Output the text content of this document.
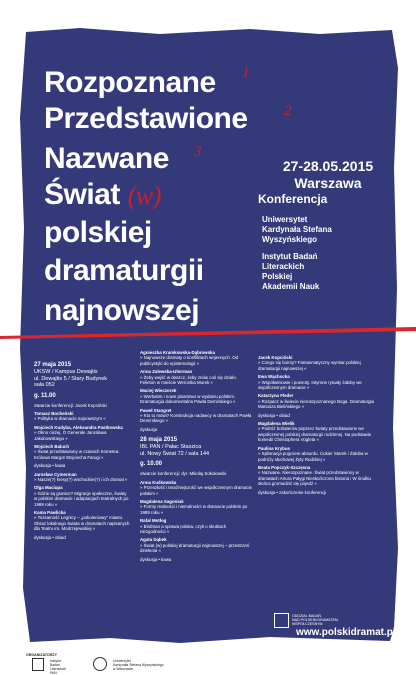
Rozpoznane 1
Przedstawione 2
Nazwane 3
Świat (w)
polskiej
dramaturgii
najnowszej
27-28.05.2015
Warszawa
Konferencja
Uniwersytet
Kardynała Stefana
Wyszyńskiego
Instytut Badań
Literackich
Polskiej
Akademii Nauk
27 maja 2015
UKSW / Kampus Dewajtis
ul. Dewajtis 5 / Stary Budynek
sala 052
g. 11.00
otwarcie konferencji: Jacek Kopciński
Tomasz Bocheński
» Polityka w dramacie najnowszym «
Wojciech Kudyba, Aleksandra Pastkowska
» Okno ciszej. O Generale Jarosława Jakubowskiego «
Wojciech Baluch
» Świat przedstawiony w czasach Kometea. Królowa Margot Wojciecha Farugi «
dyskusja • kawa
Jarosław Cymerman
» Nasze(?) kresy(?) wschodnie(?) i ich dramat «
Olga Maciupa
» Gdzie są granice? Migracje społeczne, światy w polskim dramacie i adaptacjach teatralnych po 1989 roku «
Kama Pawlicka
» Tożsamość Legnicy – „pokoleniowy” miasto. Obraz lokalnego świata w dramatach napisanych dla Teatru im. Modrzejewskiej «
dyskusja • obiad
Agnieszka Kramkowska-Dąbrowska
» Najnowsze dramaty o konfliktach wojennych. Od publicystyki do epistemologii «
Anna Zalewska-Uherman
» Żeby wejść w deszcz, żeby znów coś się działo. Felieton w mieście Weronika Murek «
Maciej Wieczorek
» Werbatim i nowe pisarstwo w wydaniu polskim. Dramaturgia dokumentalna Pawła Demirskiego «
Paweł Stangret
» Kto tu mówi? Konstrukcja nadawcy w dramatach Pawła Demirskiego «
dyskusja
28 maja 2015
IBL PAN / Pałac Staszica
ul. Nowy Świat 72 / sala 144
g. 10.00
otwarcie konferencji: dyr. Mikołaj Sokołowski
Anna Kuśkowska
» Przeszłość i teraźniejszość we współczesnym dramacie polskim «
Magdalena Sagoniuk
» Formy realności i niemalności w dramacie polskim po 1989 roku «
Rafał Motłog
» Birdman a sprawa polska, czyli o skutkach niezgodności «
Agata Dąbek
» Świat (w) polskiej dramaturgii najnowszej – przestrzeń dzielenia «
dyskusja • kawa
Jacek Kopciński
» Czego się boimy? Fantasmatyczny wymiar polskiej dramaturgii najnowszej «
Ewa Wąchocka
» Współwiniowie i powroty. Intymne rytuały żałoby we współczesnym dramacie «
Katarzyna Fleder
» Rozpacz w świecie nieroszpoznanego Boga. Dramaturgia Mariusza Bielińskiego «
dyskusja • obiad
Magdalena Wielik
» Podróż bohaterów poprzez światy przedstawione we współczesnej polskiej dramaturgii rodzinnej. Na podstawie komedii Christophera Vogleta «
Paulina Krybus
» Splisnacja pojęciem absurdu. Cukier Starek i Żałoba w podróży słuchowej Żyty Rudzkiej «
Beata Popczyk-Szczęsna
» Nazwane. Nierozpoznane. Świat przedstawiony w dramatach Artura Pałygi Nieskończona historia i W środku słońca gromadzić się pojedź «
dyskusja • zakończenie konferencji
ODDZIAŁ BADAŃ
NAD POLSKIM DRAMATEM
WSPÓŁCZESNYM
www.polskidramat.pl
ORGANIZATORZY
Instytut
Badań
Literackich
PAN
Uniwersytet
Kardynała Stefana Wyszyńskiego
w Warszawie
